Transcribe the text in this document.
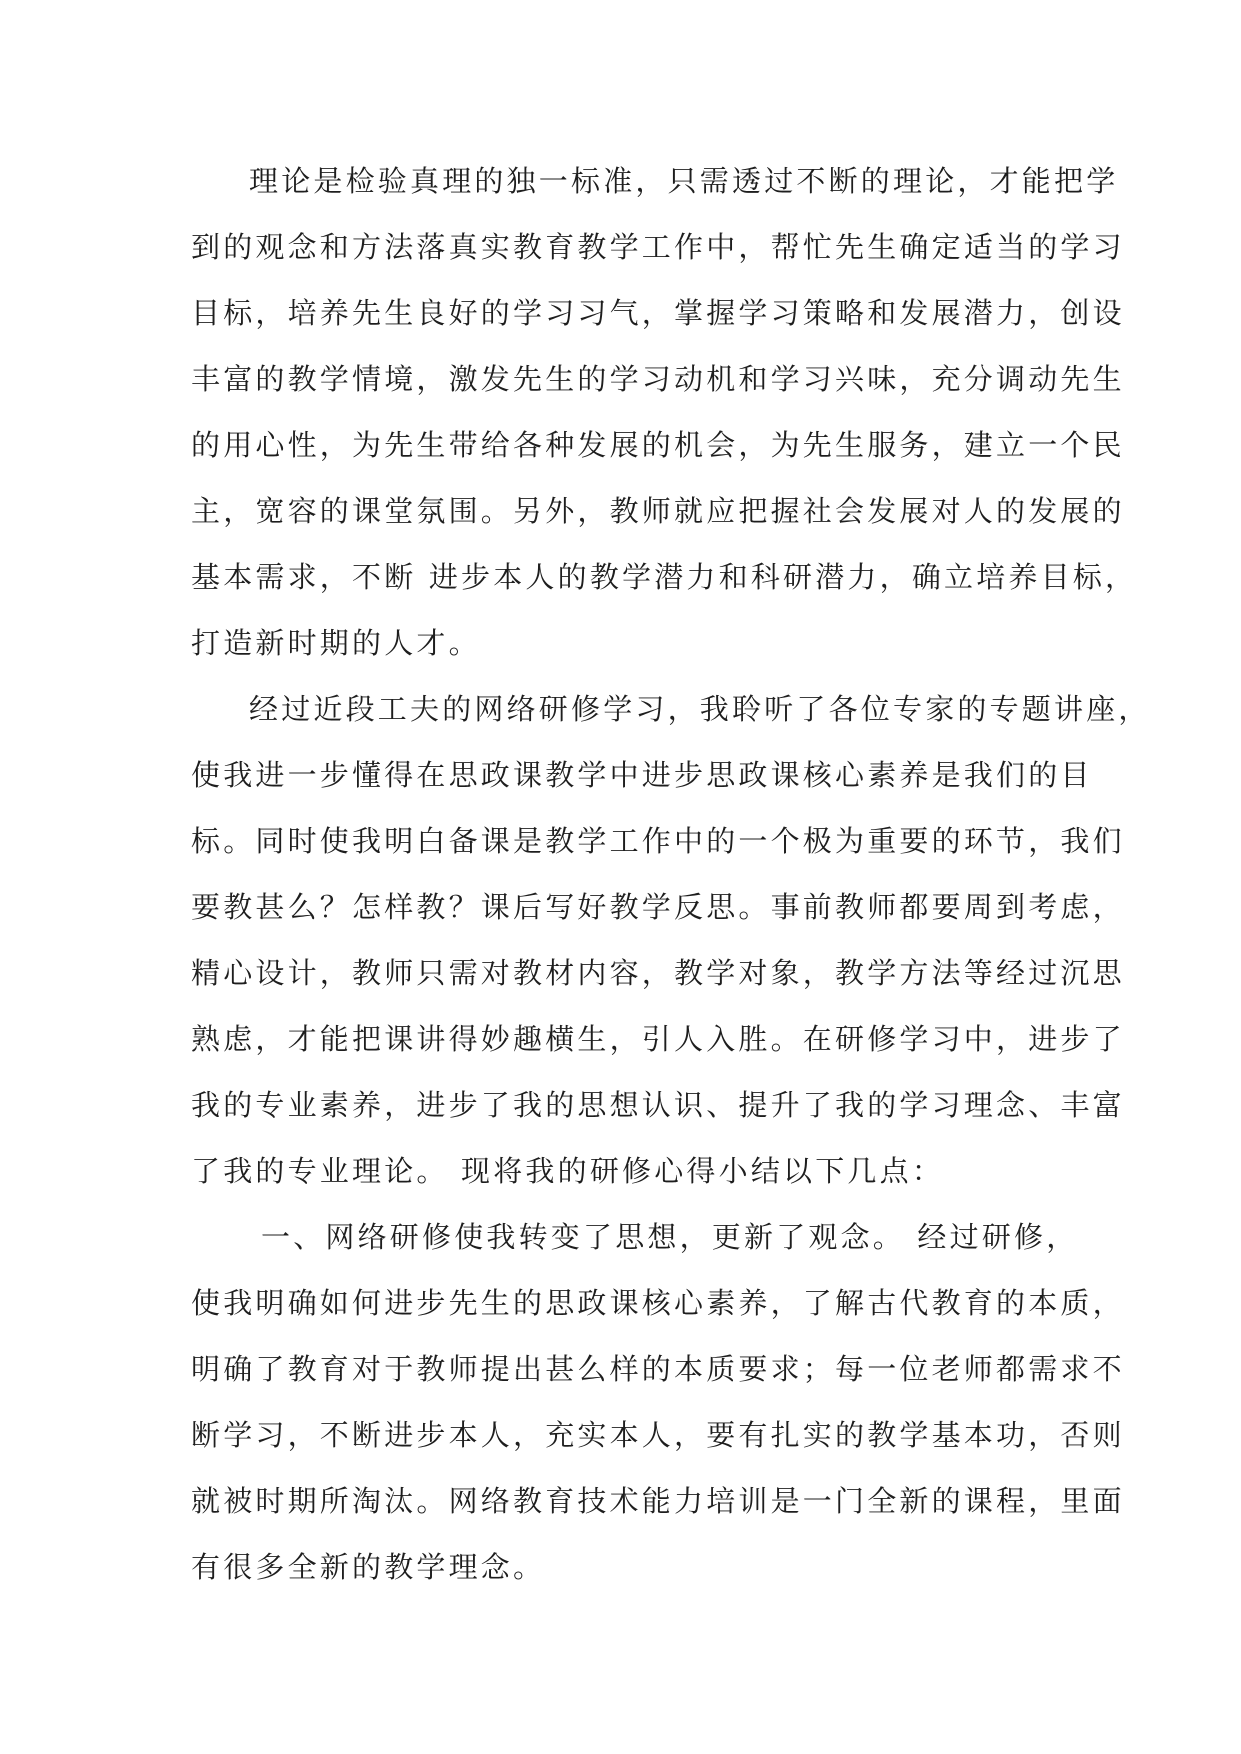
理论是检验真理的独一标准，只需透过不断的理论，才能把学
到的观念和方法落真实教育教学工作中，帮忙先生确定适当的学习
目标，培养先生良好的学习习气，掌握学习策略和发展潜力，创设
丰富的教学情境，激发先生的学习动机和学习兴味，充分调动先生
的用心性，为先生带给各种发展的机会，为先生服务，建立一个民
主，宽容的课堂氛围。另外，教师就应把握社会发展对人的发展的
基本需求，不断 进步本人的教学潜力和科研潜力，确立培养目标，
打造新时期的人才。
经过近段工夫的网络研修学习，我聆听了各位专家的专题讲座，
使我进一步懂得在思政课教学中进步思政课核心素养是我们的目
标。同时使我明白备课是教学工作中的一个极为重要的环节，我们
要教甚么？怎样教？课后写好教学反思。事前教师都要周到考虑，
精心设计，教师只需对教材内容，教学对象，教学方法等经过沉思
熟虑，才能把课讲得妙趣横生，引人入胜。在研修学习中，进步了
我的专业素养，进步了我的思想认识、提升了我的学习理念、丰富
了我的专业理论。 现将我的研修心得小结以下几点：
一、网络研修使我转变了思想，更新了观念。 经过研修，
使我明确如何进步先生的思政课核心素养，了解古代教育的本质，
明确了教育对于教师提出甚么样的本质要求；每一位老师都需求不
断学习，不断进步本人，充实本人，要有扎实的教学基本功，否则
就被时期所淘汰。网络教育技术能力培训是一门全新的课程，里面
有很多全新的教学理念。
